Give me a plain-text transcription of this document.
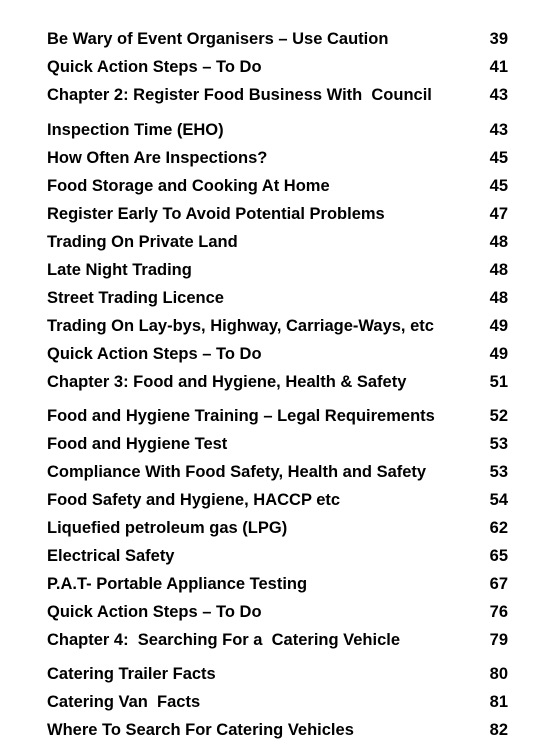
Be Wary of Event Organisers – Use Caution	39
Quick Action Steps – To Do	41
Chapter 2: Register Food Business With  Council	43
Inspection Time (EHO)	43
How Often Are Inspections?	45
Food Storage and Cooking At Home	45
Register Early To Avoid Potential Problems	47
Trading On Private Land	48
Late Night Trading	48
Street Trading Licence	48
Trading On Lay-bys, Highway, Carriage-Ways, etc	49
Quick Action Steps – To Do	49
Chapter 3: Food and Hygiene, Health & Safety	51
Food and Hygiene Training – Legal Requirements	52
Food and Hygiene Test	53
Compliance With Food Safety, Health and Safety	53
Food Safety and Hygiene, HACCP etc	54
Liquefied petroleum gas (LPG)	62
Electrical Safety	65
P.A.T- Portable Appliance Testing	67
Quick Action Steps – To Do	76
Chapter 4:  Searching For a  Catering Vehicle	79
Catering Trailer Facts	80
Catering Van  Facts	81
Where To Search For Catering Vehicles	82
